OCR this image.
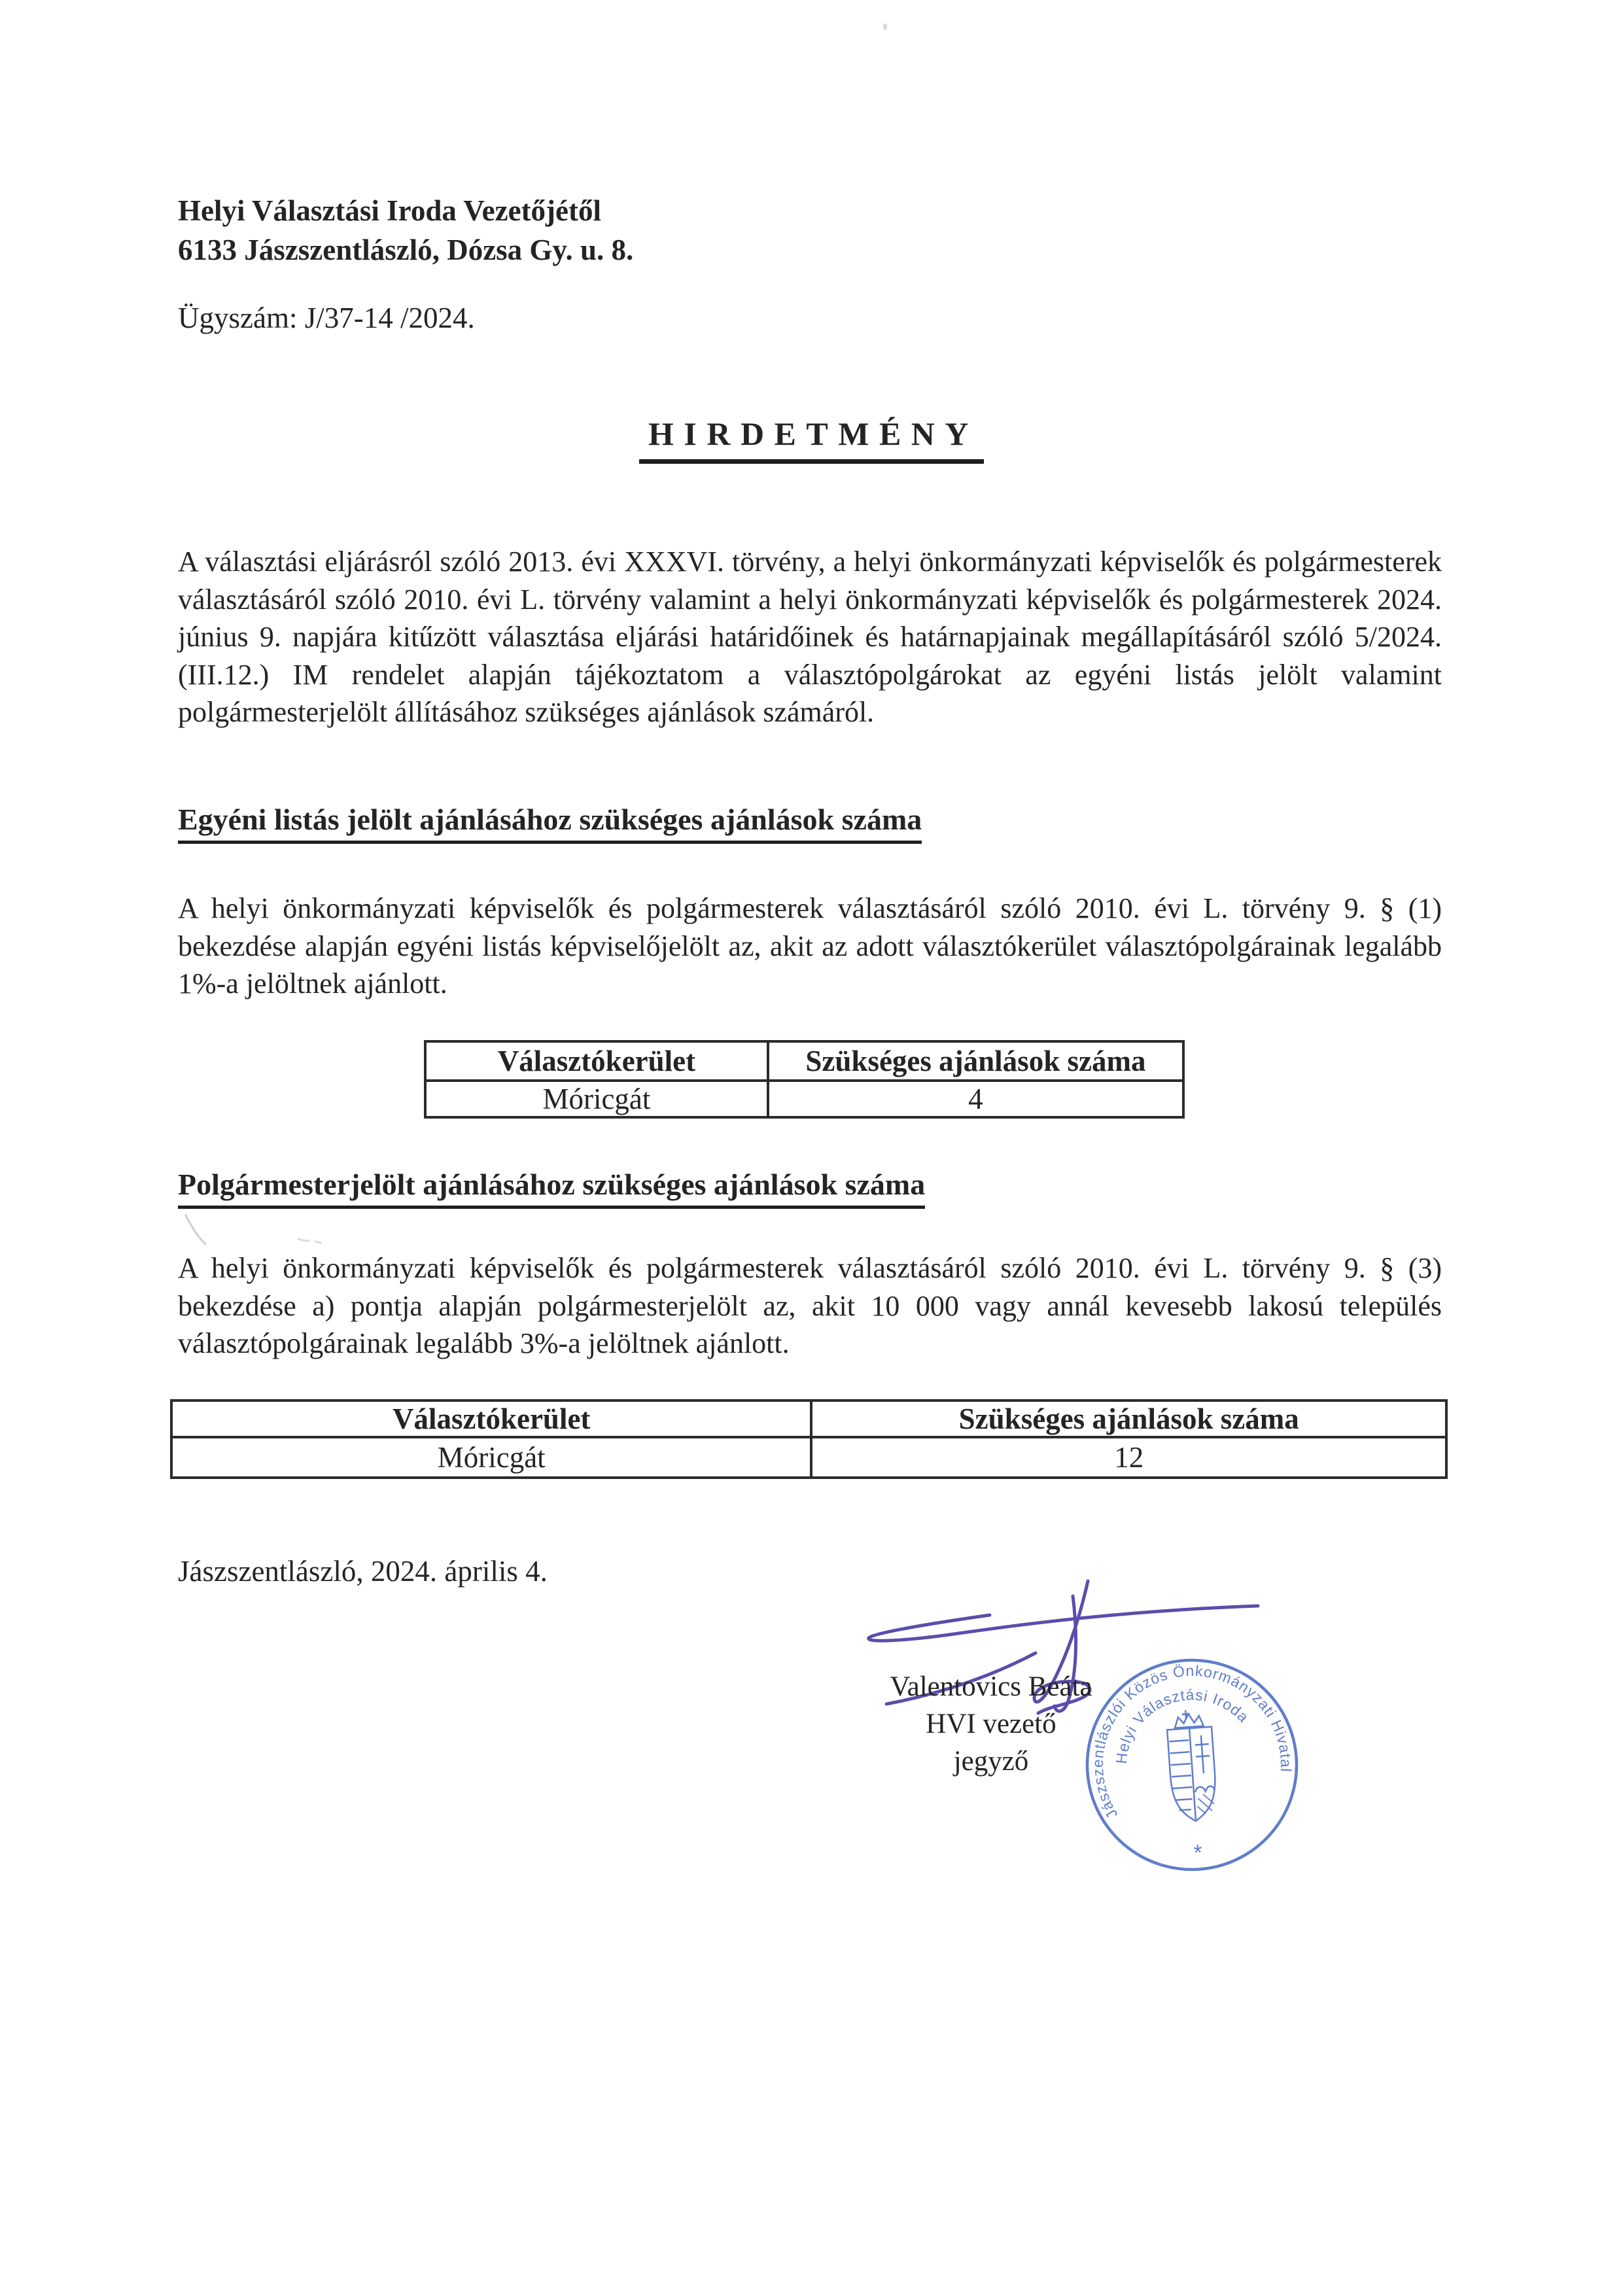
Helyi Választási Iroda Vezetőjétől
6133 Jászszentlászló, Dózsa Gy. u. 8.
Ügyszám: J/37-14 /2024.
HIRDETMÉNY
A választási eljárásról szóló 2013. évi XXXVI. törvény, a helyi önkormányzati képviselők és polgármesterek választásáról szóló 2010. évi L. törvény valamint a helyi önkormányzati képviselők és polgármesterek 2024. június 9. napjára kitűzött választása eljárási határidőinek és határnapjainak megállapításáról szóló 5/2024. (III.12.) IM rendelet alapján tájékoztatom a választópolgárokat az egyéni listás jelölt valamint polgármesterjelölt állításához szükséges ajánlások számáról.
Egyéni listás jelölt ajánlásához szükséges ajánlások száma
A helyi önkormányzati képviselők és polgármesterek választásáról szóló 2010. évi L. törvény 9. § (1) bekezdése alapján egyéni listás képviselőjelölt az, akit az adott választókerület választópolgárainak legalább 1%-a jelöltnek ajánlott.
Választókerület	Szükséges ajánlások száma
Móricgát	4
Polgármesterjelölt ajánlásához szükséges ajánlások száma
A helyi önkormányzati képviselők és polgármesterek választásáról szóló 2010. évi L. törvény 9. § (3) bekezdése a) pontja alapján polgármesterjelölt az, akit 10 000 vagy annál kevesebb lakosú település választópolgárainak legalább 3%-a jelöltnek ajánlott.
Választókerület	Szükséges ajánlások száma
Móricgát	12
Jászszentlászló, 2024. április 4.
Valentovics Beáta
HVI vezető
jegyző
Jászszentlászlói Közös Önkormányzati Hivatal
Helyi Választási Iroda
*
